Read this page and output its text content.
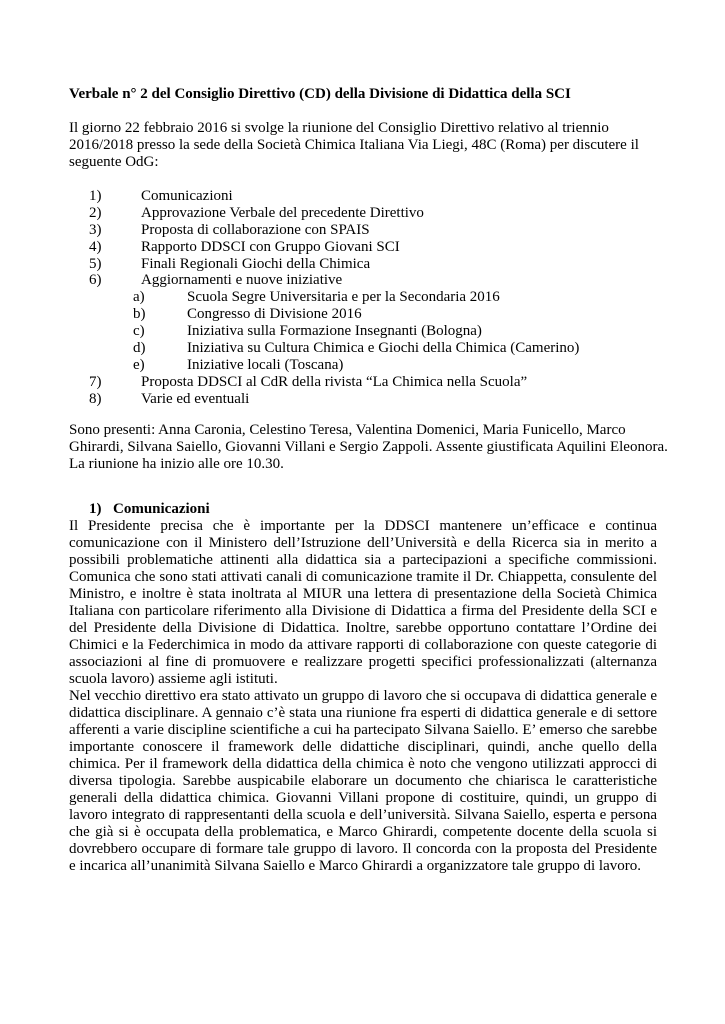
Verbale n° 2 del Consiglio Direttivo (CD) della Divisione di Didattica della SCI
Il giorno 22 febbraio 2016 si svolge la riunione del Consiglio Direttivo relativo al triennio 2016/2018 presso la sede della Società Chimica Italiana Via Liegi, 48C (Roma) per discutere il seguente OdG:
1)	Comunicazioni
2)	Approvazione Verbale del precedente Direttivo
3)	Proposta di collaborazione con SPAIS
4)	Rapporto DDSCI con Gruppo Giovani SCI
5)	Finali Regionali Giochi della Chimica
6)	Aggiornamenti e nuove iniziative
a)	Scuola Segre Universitaria e per la Secondaria 2016
b)	Congresso di Divisione 2016
c)	Iniziativa sulla Formazione Insegnanti (Bologna)
d)	Iniziativa su Cultura Chimica e Giochi della Chimica (Camerino)
e)	Iniziative locali (Toscana)
7)	Proposta DDSCI al CdR della rivista “La Chimica nella Scuola”
8)	Varie ed eventuali
Sono presenti: Anna Caronia, Celestino Teresa, Valentina Domenici, Maria Funicello, Marco Ghirardi, Silvana Saiello, Giovanni Villani e Sergio Zappoli. Assente giustificata Aquilini Eleonora. La riunione ha inizio alle ore 10.30.
1) Comunicazioni

Il Presidente precisa che è importante per la DDSCI mantenere un’efficace e continua comunicazione con il Ministero dell’Istruzione dell’Università e della Ricerca sia in merito a possibili problematiche attinenti alla didattica sia a partecipazioni a specifiche commissioni. Comunica che sono stati attivati canali di comunicazione tramite il Dr. Chiappetta, consulente del Ministro, e inoltre è stata inoltrata al MIUR una lettera di presentazione della Società Chimica Italiana con particolare riferimento alla Divisione di Didattica a firma del Presidente della SCI e del Presidente della Divisione di Didattica. Inoltre, sarebbe opportuno contattare l’Ordine dei Chimici e la Federchimica in modo da attivare rapporti di collaborazione con queste categorie di associazioni al fine di promuovere e realizzare progetti specifici professionalizzati (alternanza scuola lavoro) assieme agli istituti.

Nel vecchio direttivo era stato attivato un gruppo di lavoro che si occupava di didattica generale e didattica disciplinare. A gennaio c’è stata una riunione fra esperti di didattica generale e di settore afferenti a varie discipline scientifiche a cui ha partecipato Silvana Saiello. E’ emerso che sarebbe importante conoscere il framework delle didattiche disciplinari, quindi, anche quello della chimica. Per il framework della didattica della chimica è noto che vengono utilizzati approcci di diversa tipologia. Sarebbe auspicabile elaborare un documento che chiarisca le caratteristiche generali della didattica chimica. Giovanni Villani propone di costituire, quindi, un gruppo di lavoro integrato di rappresentanti della scuola e dell’università. Silvana Saiello, esperta e persona che già si è occupata della problematica, e Marco Ghirardi, competente docente della scuola si dovrebbero occupare di formare tale gruppo di lavoro. Il concorda con la proposta del Presidente e incarica all’unanimità Silvana Saiello e Marco Ghirardi a organizzatore tale gruppo di lavoro.
